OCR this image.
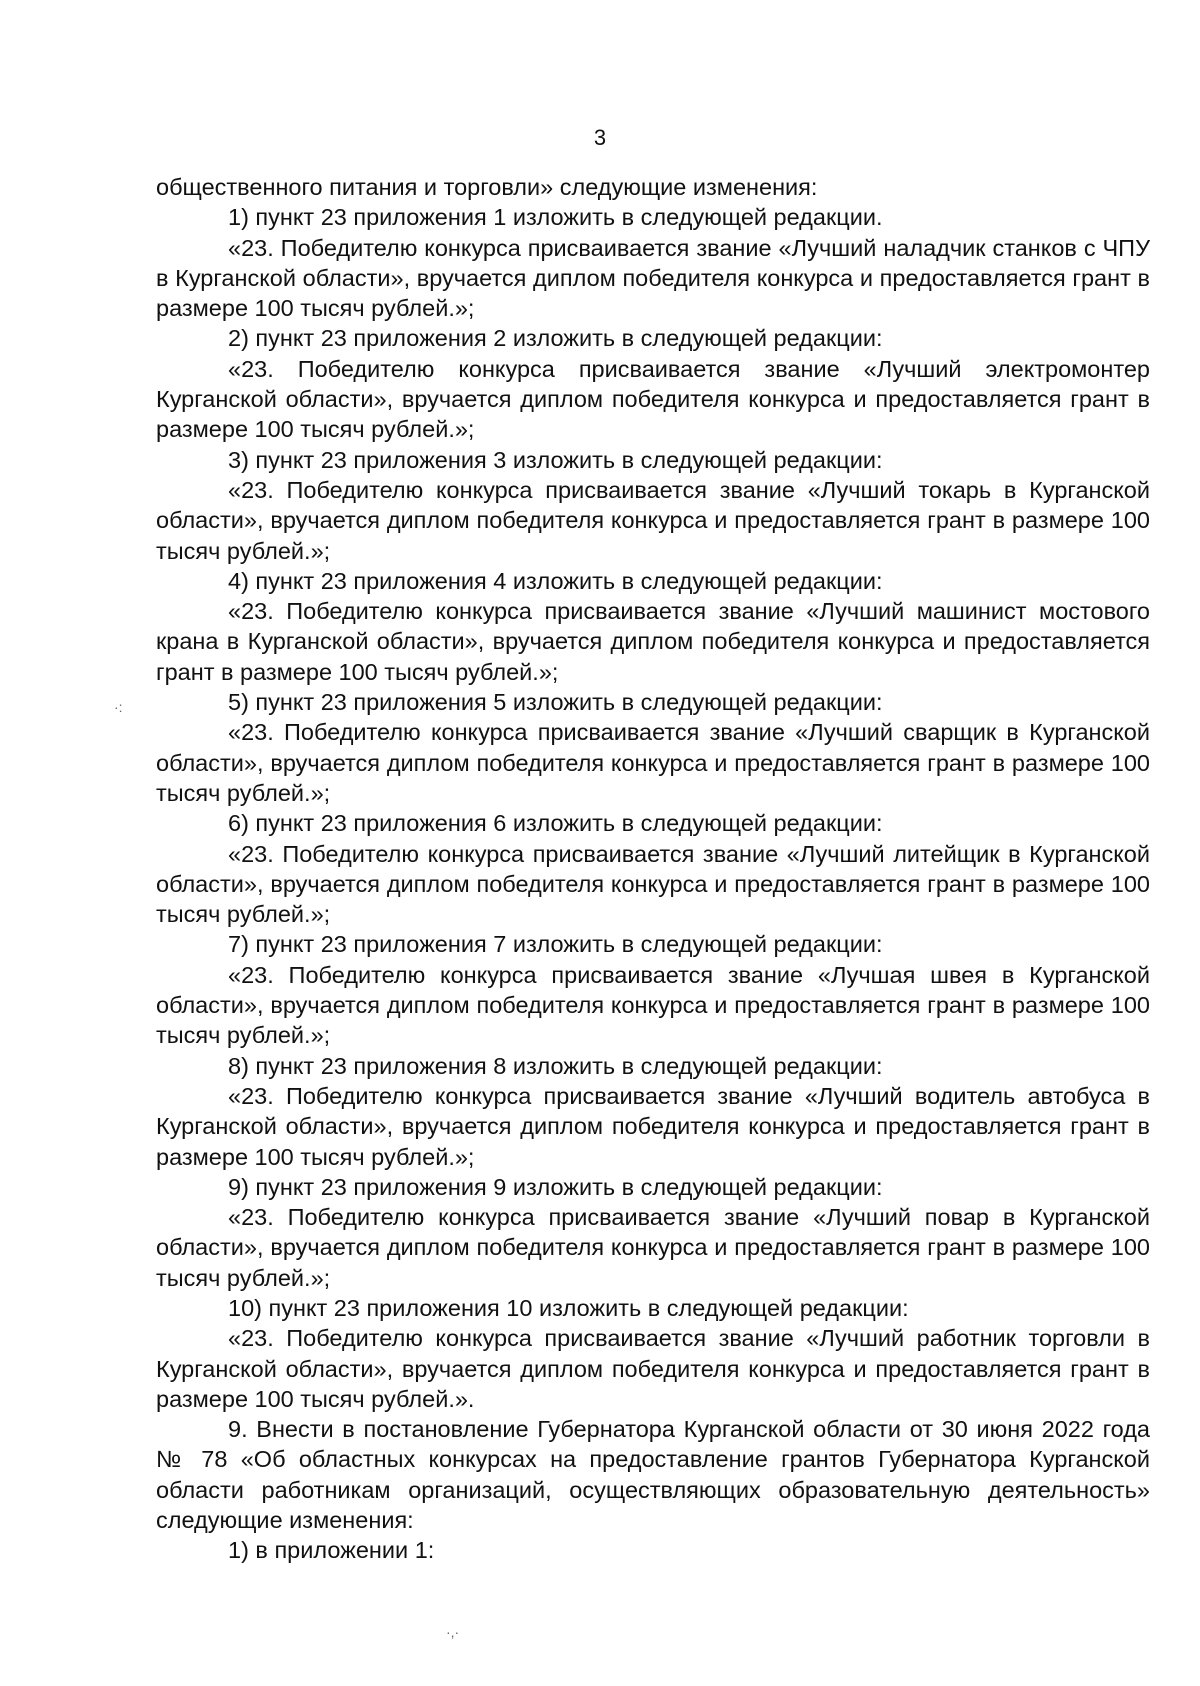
3

общественного питания и торговли» следующие изменения:

1) пункт 23 приложения 1 изложить в следующей редакции.

«23. Победителю конкурса присваивается звание «Лучший наладчик станков с ЧПУ в Курганской области», вручается диплом победителя конкурса и предоставляется грант в размере 100 тысяч рублей.»;

2) пункт 23 приложения 2 изложить в следующей редакции:

«23. Победителю конкурса присваивается звание «Лучший электромонтер Курганской области», вручается диплом победителя конкурса и предоставляется грант в размере 100 тысяч рублей.»;

3) пункт 23 приложения 3 изложить в следующей редакции:

«23. Победителю конкурса присваивается звание «Лучший токарь в Курганской области», вручается диплом победителя конкурса и предоставляется грант в размере 100 тысяч рублей.»;

4) пункт 23 приложения 4 изложить в следующей редакции:

«23. Победителю конкурса присваивается звание «Лучший машинист мостового крана в Курганской области», вручается диплом победителя конкурса и предоставляется грант в размере 100 тысяч рублей.»;

5) пункт 23 приложения 5 изложить в следующей редакции:

«23. Победителю конкурса присваивается звание «Лучший сварщик в Курганской области», вручается диплом победителя конкурса и предоставляется грант в размере 100 тысяч рублей.»;

6) пункт 23 приложения 6 изложить в следующей редакции:

«23. Победителю конкурса присваивается звание «Лучший литейщик в Курганской области», вручается диплом победителя конкурса и предоставляется грант в размере 100 тысяч рублей.»;

7) пункт 23 приложения 7 изложить в следующей редакции:

«23. Победителю конкурса присваивается звание «Лучшая швея в Курганской области», вручается диплом победителя конкурса и предоставляется грант в размере 100 тысяч рублей.»;

8) пункт 23 приложения 8 изложить в следующей редакции:

«23. Победителю конкурса присваивается звание «Лучший водитель автобуса в Курганской области», вручается диплом победителя конкурса и предоставляется грант в размере 100 тысяч рублей.»;

9) пункт 23 приложения 9 изложить в следующей редакции:

«23. Победителю конкурса присваивается звание «Лучший повар в Курганской области», вручается диплом победителя конкурса и предоставляется грант в размере 100 тысяч рублей.»;

10) пункт 23 приложения 10 изложить в следующей редакции:

«23. Победителю конкурса присваивается звание «Лучший работник торговли в Курганской области», вручается диплом победителя конкурса и предоставляется грант в размере 100 тысяч рублей.».

9. Внести в постановление Губернатора Курганской области от 30 июня 2022 года № 78 «Об областных конкурсах на предоставление грантов Губернатора Курганской области работникам организаций, осуществляющих образовательную деятельность» следующие изменения:

1) в приложении 1:

·:
·,·
